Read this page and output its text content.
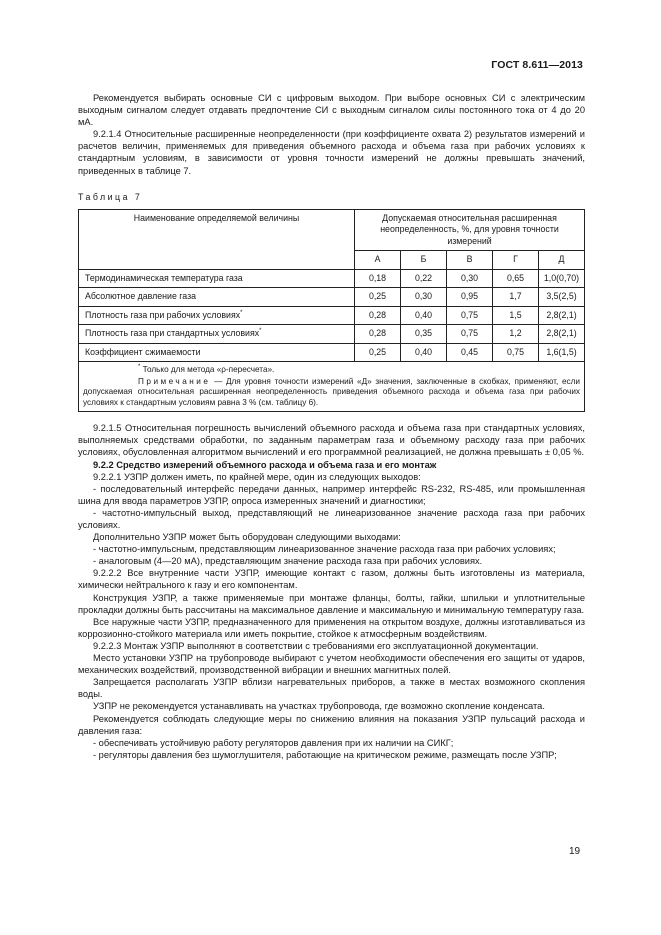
ГОСТ 8.611—2013

Рекомендуется выбирать основные СИ с цифровым выходом. При выборе основных СИ с электрическим выходным сигналом следует отдавать предпочтение СИ с выходным сигналом силы постоянного тока от 4 до 20 мА.

9.2.1.4 Относительные расширенные неопределенности (при коэффициенте охвата 2) результатов измерений и расчетов величин, применяемых для приведения объемного расхода и объема газа при рабочих условиях к стандартным условиям, в зависимости от уровня точности измерений не должны превышать значений, приведенных в таблице 7.

Таблица 7
Наименование определяемой величины	Допускаемая относительная расширенная неопределенность, %, для уровня точности измерений				
	А	Б	В	Г	Д
Термодинамическая температура газа	0,18	0,22	0,30	0,65	1,0(0,70)
Абсолютное давление газа	0,25	0,30	0,95	1,7	3,5(2,5)
Плотность газа при рабочих условиях*	0,28	0,40	0,75	1,5	2,8(2,1)
Плотность газа при стандартных условиях*	0,28	0,35	0,75	1,2	2,8(2,1)
Коэффициент сжимаемости	0,25	0,40	0,45	0,75	1,6(1,5)

* Только для метода «ρ-пересчета».

Примечание — Для уровня точности измерений «Д» значения, заключенные в скобках, применяют, если допускаемая относительная расширенная неопределенность приведения объемного расхода и объема газа при рабочих условиях к стандартным условиям равна 3 % (см. таблицу 6).					

9.2.1.5 Относительная погрешность вычислений объемного расхода и объема газа при стандартных условиях, выполняемых средствами обработки, по заданным параметрам газа и объемному расходу газа при рабочих условиях, обусловленная алгоритмом вычислений и его программной реализацией, не должна превышать ± 0,05 %.

9.2.2 Средство измерений объемного расхода и объема газа и его монтаж

9.2.2.1 УЗПР должен иметь, по крайней мере, один из следующих выходов:

- последовательный интерфейс передачи данных, например интерфейс RS-232, RS-485, или промышленная шина для ввода параметров УЗПР, опроса измеренных значений и диагностики;

- частотно-импульсный выход, представляющий не линеаризованное значение расхода газа при рабочих условиях.

Дополнительно УЗПР может быть оборудован следующими выходами:

- частотно-импульсным, представляющим линеаризованное значение расхода газа при рабочих условиях;

- аналоговым (4—20 мА), представляющим значение расхода газа при рабочих условиях.

9.2.2.2 Все внутренние части УЗПР, имеющие контакт с газом, должны быть изготовлены из материала, химически нейтрального к газу и его компонентам.

Конструкция УЗПР, а также применяемые при монтаже фланцы, болты, гайки, шпильки и уплотнительные прокладки должны быть рассчитаны на максимальное давление и максимальную и минимальную температуру газа.

Все наружные части УЗПР, предназначенного для применения на открытом воздухе, должны изготавливаться из коррозионно-стойкого материала или иметь покрытие, стойкое к атмосферным воздействиям.

9.2.2.3 Монтаж УЗПР выполняют в соответствии с требованиями его эксплуатационной документации.

Место установки УЗПР на трубопроводе выбирают с учетом необходимости обеспечения его защиты от ударов, механических воздействий, производственной вибрации и внешних магнитных полей.

Запрещается располагать УЗПР вблизи нагревательных приборов, а также в местах возможного скопления воды.

УЗПР не рекомендуется устанавливать на участках трубопровода, где возможно скопление конденсата.

Рекомендуется соблюдать следующие меры по снижению влияния на показания УЗПР пульсаций расхода и давления газа:

- обеспечивать устойчивую работу регуляторов давления при их наличии на СИКГ;

- регуляторы давления без шумоглушителя, работающие на критическом режиме, размещать после УЗПР;

19
